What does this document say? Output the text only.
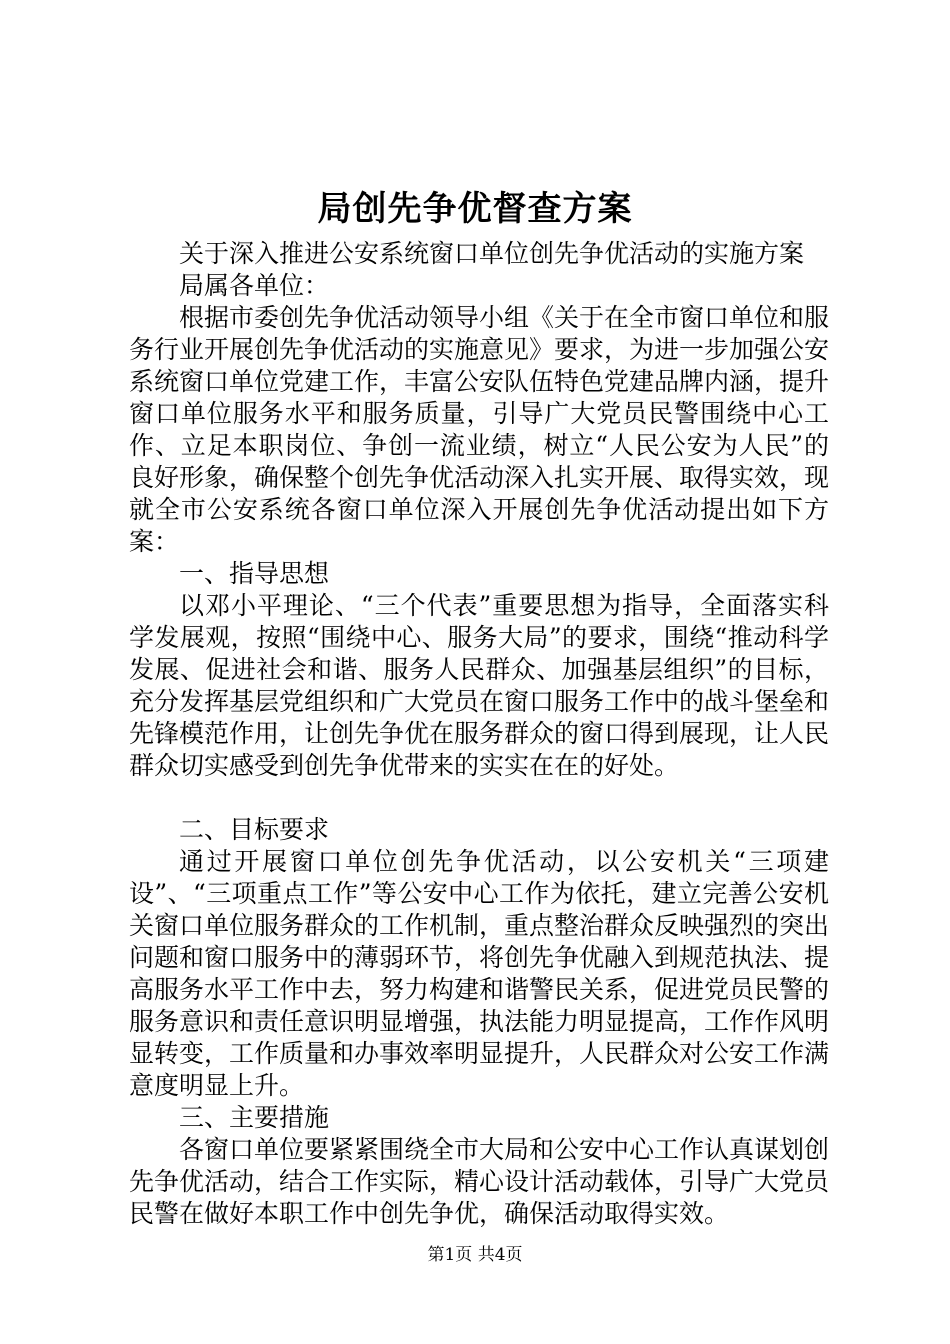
局创先争优督查方案

关于深入推进公安系统窗口单位创先争优活动的实施方案

局属各单位：

根据市委创先争优活动领导小组《关于在全市窗口单位和服务行业开展创先争优活动的实施意见》要求，为进一步加强公安系统窗口单位党建工作，丰富公安队伍特色党建品牌内涵，提升窗口单位服务水平和服务质量，引导广大党员民警围绕中心工作、立足本职岗位、争创一流业绩，树立“人民公安为人民”的良好形象，确保整个创先争优活动深入扎实开展、取得实效，现就全市公安系统各窗口单位深入开展创先争优活动提出如下方案：

一、指导思想

以邓小平理论、“三个代表”重要思想为指导，全面落实科学发展观，按照“围绕中心、服务大局”的要求，围绕“推动科学发展、促进社会和谐、服务人民群众、加强基层组织”的目标，充分发挥基层党组织和广大党员在窗口服务工作中的战斗堡垒和先锋模范作用，让创先争优在服务群众的窗口得到展现，让人民群众切实感受到创先争优带来的实实在在的好处。

二、目标要求

通过开展窗口单位创先争优活动，以公安机关“三项建设”、“三项重点工作”等公安中心工作为依托，建立完善公安机关窗口单位服务群众的工作机制，重点整治群众反映强烈的突出问题和窗口服务中的薄弱环节，将创先争优融入到规范执法、提高服务水平工作中去，努力构建和谐警民关系，促进党员民警的服务意识和责任意识明显增强，执法能力明显提高，工作作风明显转变，工作质量和办事效率明显提升，人民群众对公安工作满意度明显上升。

三、主要措施

各窗口单位要紧紧围绕全市大局和公安中心工作认真谋划创先争优活动，结合工作实际，精心设计活动载体，引导广大党员民警在做好本职工作中创先争优，确保活动取得实效。

第1页 共4页
